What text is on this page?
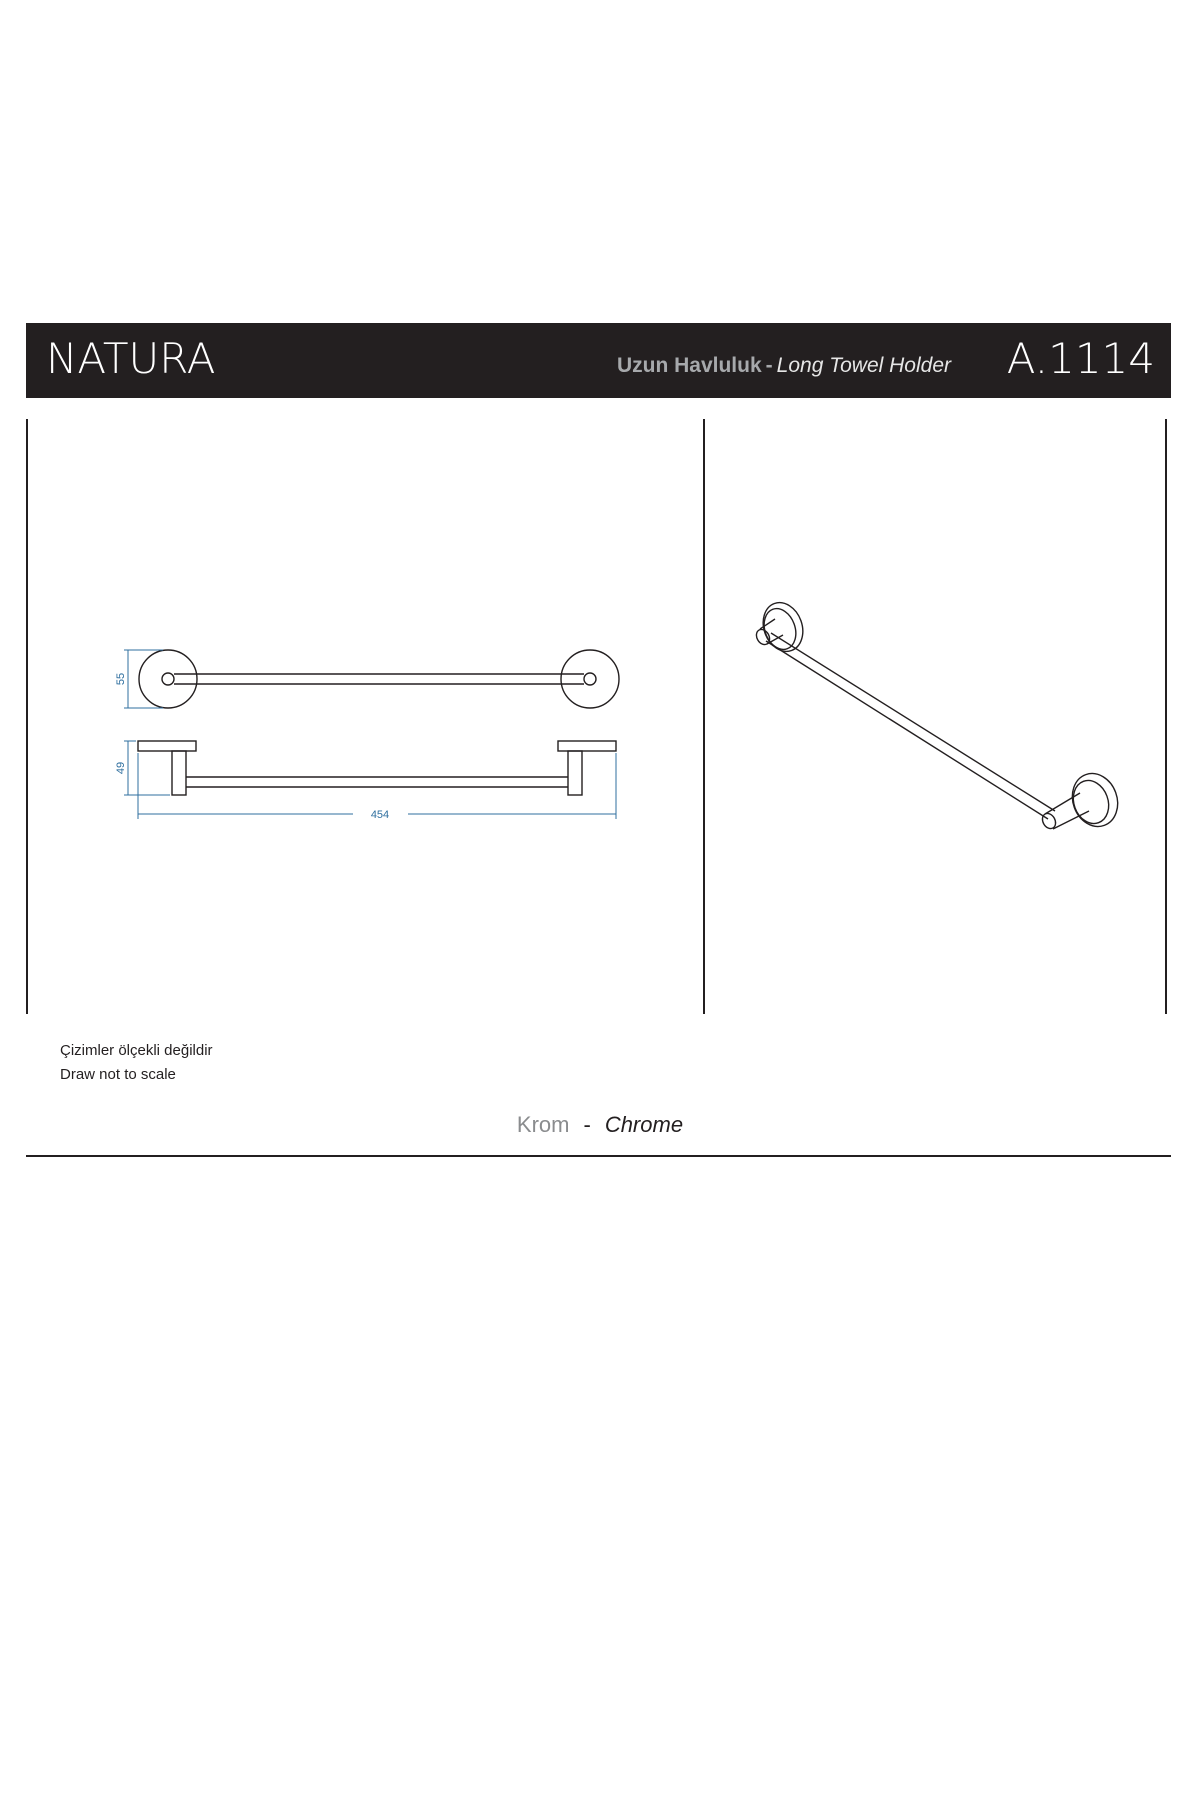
NATURA	Uzun Havluluk - Long Towel Holder A.1114
55
49
454
Çizimler ölçekli değildir
Draw not to scale
Krom - Chrome
